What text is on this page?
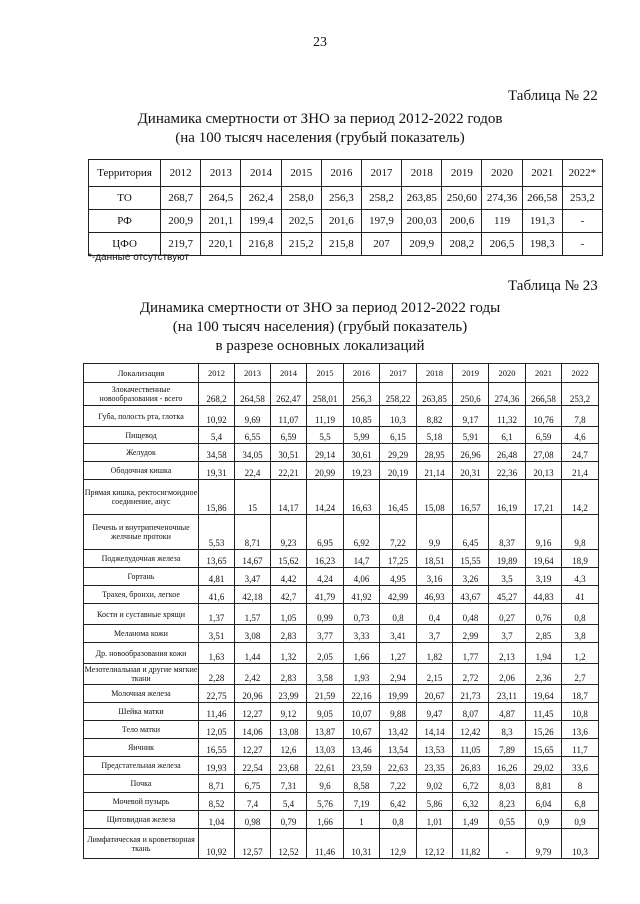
23
Таблица № 22
Динамика смертности от ЗНО за период 2012-2022 годов
(на 100 тысяч населения (грубый показатель)
Территория	2012	2013	2014	2015	2016	2017	2018	2019	2020	2021	2022*
ТО	268,7	264,5	262,4	258,0	256,3	258,2	263,85	250,60	274,36	266,58	253,2
РФ	200,9	201,1	199,4	202,5	201,6	197,9	200,03	200,6	119	191,3	-
ЦФО	219,7	220,1	216,8	215,2	215,8	207	209,9	208,2	206,5	198,3	-
*-данные отсутствуют
Таблица № 23
Динамика смертности от ЗНО за период 2012-2022 годы
(на 100 тысяч населения) (грубый показатель)
в разрезе основных локализаций
Локализация	2012	2013	2014	2015	2016	2017	2018	2019	2020	2021	2022
Злокачественные новообразования - всего	268,2	264,58	262,47	258,01	256,3	258,22	263,85	250,6	274,36	266,58	253,2
Губа, полость рта, глотка	10,92	9,69	11,07	11,19	10,85	10,3	8,82	9,17	11,32	10,76	7,8
Пищевод	5,4	6,55	6,59	5,5	5,99	6,15	5,18	5,91	6,1	6,59	4,6
Желудок	34,58	34,05	30,51	29,14	30,61	29,29	28,95	26,96	26,48	27,08	24,7
Ободочная кишка	19,31	22,4	22,21	20,99	19,23	20,19	21,14	20,31	22,36	20,13	21,4
Прямая кишка, ректосигмоидное соединение, анус	15,86	15	14,17	14,24	16,63	16,45	15,08	16,57	16,19	17,21	14,2
Печень и внутрипеченочные желчные протоки	5,53	8,71	9,23	6,95	6,92	7,22	9,9	6,45	8,37	9,16	9,8
Поджелудочная железа	13,65	14,67	15,62	16,23	14,7	17,25	18,51	15,55	19,89	19,64	18,9
Гортань	4,81	3,47	4,42	4,24	4,06	4,95	3,16	3,26	3,5	3,19	4,3
Трахея, бронхи, легкое	41,6	42,18	42,7	41,79	41,92	42,99	46,93	43,67	45,27	44,83	41
Кости и суставные хрящи	1,37	1,57	1,05	0,99	0,73	0,8	0,4	0,48	0,27	0,76	0,8
Меланома кожи	3,51	3,08	2,83	3,77	3,33	3,41	3,7	2,99	3,7	2,85	3,8
Др. новообразования кожи	1,63	1,44	1,32	2,05	1,66	1,27	1,82	1,77	2,13	1,94	1,2
Мезотелиальная и другие мягкие ткани	2,28	2,42	2,83	3,58	1,93	2,94	2,15	2,72	2,06	2,36	2,7
Молочная железа	22,75	20,96	23,99	21,59	22,16	19,99	20,67	21,73	23,11	19,64	18,7
Шейка матки	11,46	12,27	9,12	9,05	10,07	9,88	9,47	8,07	4,87	11,45	10,8
Тело матки	12,05	14,06	13,08	13,87	10,67	13,42	14,14	12,42	8,3	15,26	13,6
Яичник	16,55	12,27	12,6	13,03	13,46	13,54	13,53	11,05	7,89	15,65	11,7
Предстательная железа	19,93	22,54	23,68	22,61	23,59	22,63	23,35	26,83	16,26	29,02	33,6
Почка	8,71	6,75	7,31	9,6	8,58	7,22	9,02	6,72	8,03	8,81	8
Мочевой пузырь	8,52	7,4	5,4	5,76	7,19	6,42	5,86	6,32	8,23	6,04	6,8
Щитовидная железа	1,04	0,98	0,79	1,66	1	0,8	1,01	1,49	0,55	0,9	0,9
Лимфатическая и кроветворная ткань	10,92	12,57	12,52	11,46	10,31	12,9	12,12	11,82	-	9,79	10,3
